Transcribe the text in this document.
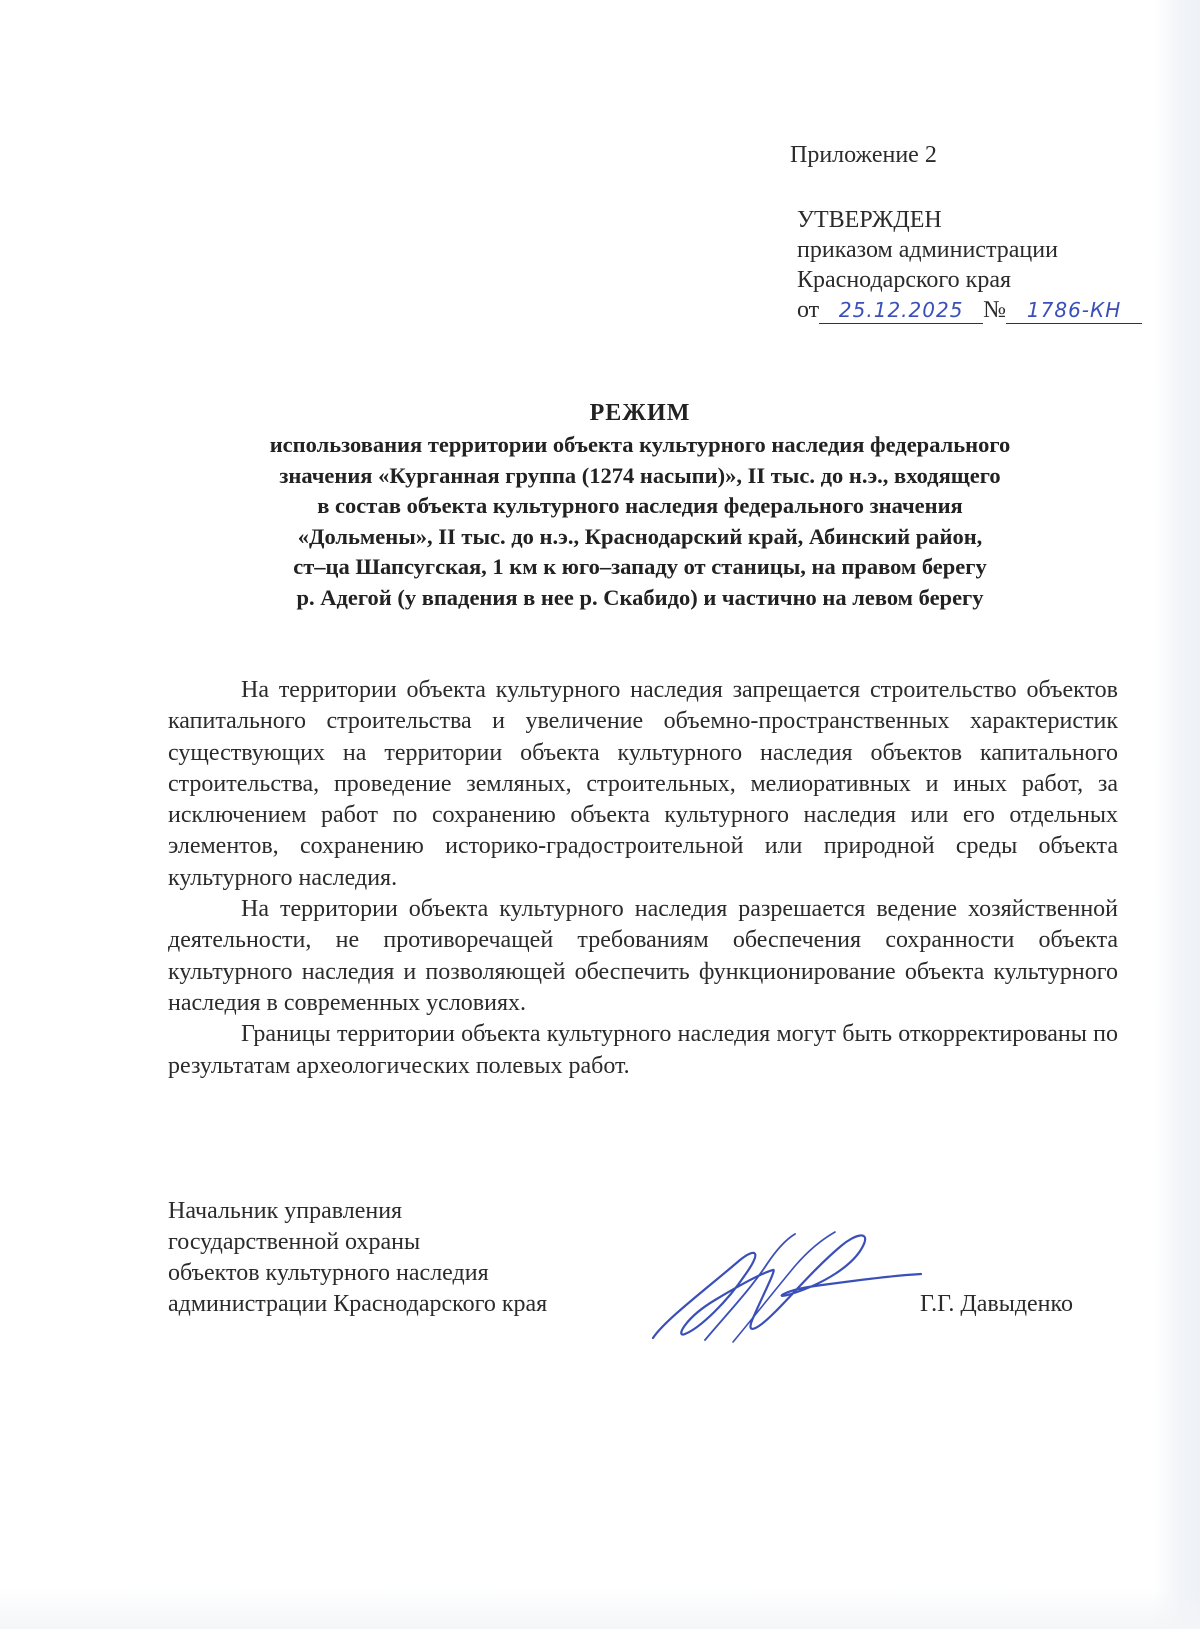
Приложение 2
УТВЕРЖДЕН
приказом администрации
Краснодарского края
от 25.12.2025 № 1786-КН
РЕЖИМ
использования территории объекта культурного наследия федерального
значения «Курганная группа (1274 насыпи)», II тыс. до н.э., входящего
в состав объекта культурного наследия федерального значения
«Дольмены», II тыс. до н.э., Краснодарский край, Абинский район,
ст–ца Шапсугская, 1 км к юго–западу от станицы, на правом берегу
р. Адегой (у впадения в нее р. Скабидо) и частично на левом берегу

На территории объекта культурного наследия запрещается строительство объектов капитального строительства и увеличение объемно-пространственных характеристик существующих на территории объекта культурного наследия объектов капитального строительства, проведение земляных, строительных, мелиоративных и иных работ, за исключением работ по сохранению объекта культурного наследия или его отдельных элементов, сохранению историко-градостроительной или природной среды объекта культурного наследия.

На территории объекта культурного наследия разрешается ведение хозяйственной деятельности, не противоречащей требованиям обеспечения сохранности объекта культурного наследия и позволяющей обеспечить функционирование объекта культурного наследия в современных условиях.

Границы территории объекта культурного наследия могут быть откорректированы по результатам археологических полевых работ.

Начальник управления
государственной охраны
объектов культурного наследия
администрации Краснодарского края	Г.Г. Давыденко
